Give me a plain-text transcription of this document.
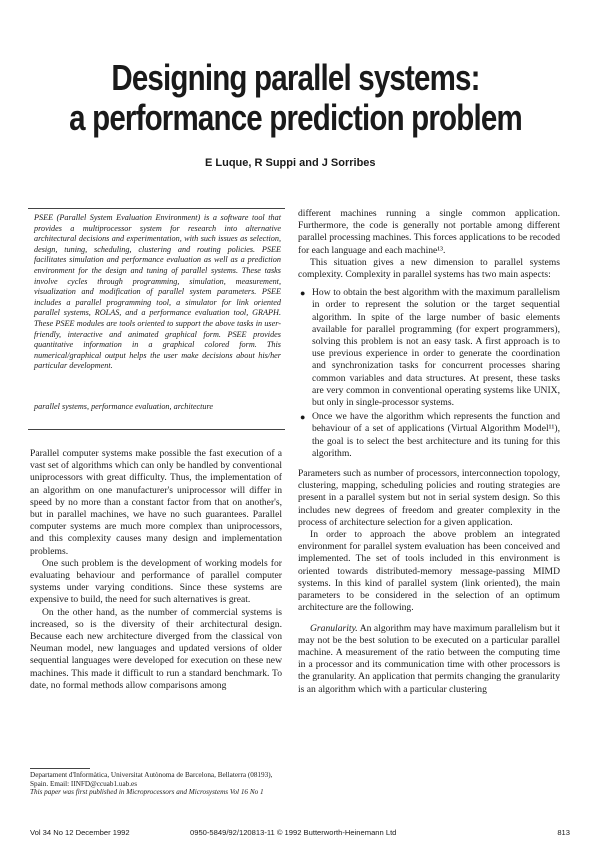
Designing parallel systems:
a performance prediction problem
E Luque, R Suppi and J Sorribes
PSEE (Parallel System Evaluation Environment) is a software tool that provides a multiprocessor system for research into alternative architectural decisions and experimentation, with such issues as selection, design, tuning, scheduling, clustering and routing policies. PSEE facilitates simulation and performance evaluation as well as a prediction environment for the design and tuning of parallel systems. These tasks involve cycles through programming, simulation, measurement, visualization and modification of parallel system parameters. PSEE includes a parallel programming tool, a simulator for link oriented parallel systems, ROLAS, and a performance evaluation tool, GRAPH. These PSEE modules are tools oriented to support the above tasks in user-friendly, interactive and animated graphical form. PSEE provides quantitative information in a graphical colored form. This numerical/graphical output helps the user make decisions about his/her particular development.
parallel systems, performance evaluation, architecture

Parallel computer systems make possible the fast execution of a vast set of algorithms which can only be handled by conventional uniprocessors with great difficulty. Thus, the implementation of an algorithm on one manufacturer's uniprocessor will differ in speed by no more than a constant factor from that on another's, but in parallel machines, we have no such guarantees. Parallel computer systems are much more complex than uniprocessors, and this complexity causes many design and implementation problems.

One such problem is the development of working models for evaluating behaviour and performance of parallel computer systems under varying conditions. Since these systems are expensive to build, the need for such alternatives is great.

On the other hand, as the number of commercial systems is increased, so is the diversity of their architectural design. Because each new architecture diverged from the classical von Neuman model, new languages and updated versions of older sequential languages were developed for execution on these new machines. This made it difficult to run a standard benchmark. To date, no formal methods allow comparisons among

different machines running a single common application. Furthermore, the code is generally not portable among different parallel processing machines. This forces applications to be recoded for each language and each machine¹³.

This situation gives a new dimension to parallel systems complexity. Complexity in parallel systems has two main aspects:

● How to obtain the best algorithm with the maximum parallelism in order to represent the solution or the target sequential algorithm. In spite of the large number of basic elements available for parallel programming (for expert programmers), solving this problem is not an easy task. A first approach is to use previous experience in order to generate the coordination and synchronization tasks for concurrent processes sharing common variables and data structures. At present, these tasks are very common in conventional operating systems like UNIX, but only in single-processor systems.
● Once we have the algorithm which represents the function and behaviour of a set of applications (Virtual Algorithm Model¹¹), the goal is to select the best architecture and its tuning for this algorithm.

Parameters such as number of processors, interconnection topology, clustering, mapping, scheduling policies and routing strategies are present in a parallel system but not in serial system design. So this includes new degrees of freedom and greater complexity in the process of architecture selection for a given application.

In order to approach the above problem an integrated environment for parallel system evaluation has been conceived and implemented. The set of tools included in this environment is oriented towards distributed-memory message-passing MIMD systems. In this kind of parallel system (link oriented), the main parameters to be considered in the selection of an optimum architecture are the following.

Granularity. An algorithm may have maximum parallelism but it may not be the best solution to be executed on a particular parallel machine. A measurement of the ratio between the computing time in a processor and its communication time with other processors is the granularity. An application that permits changing the granularity is an algorithm which with a particular clustering

Departament d'Informàtica, Universitat Autònoma de Barcelona, Bellaterra (08193), Spain. Email: IINFD@ccuab1.uab.es
This paper was first published in Microprocessors and Microsystems Vol 16 No 1
Vol 34 No 12 December 1992	0950-5849/92/120813-11 © 1992 Butterworth-Heinemann Ltd	813
